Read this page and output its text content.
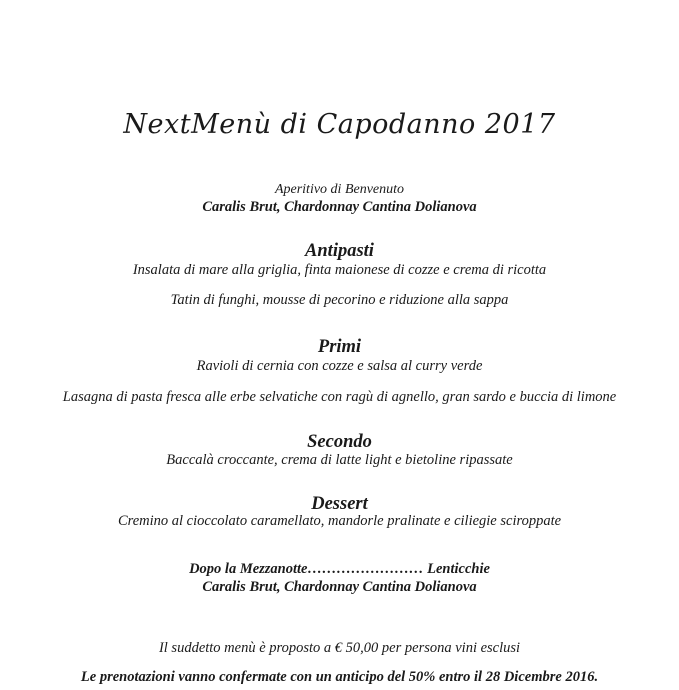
NextMenù di Capodanno 2017
Aperitivo di Benvenuto
Caralis Brut, Chardonnay Cantina Dolianova
Antipasti
Insalata di mare alla griglia, finta maionese di cozze e crema di ricotta
Tatin di funghi, mousse di pecorino e riduzione alla sappa
Primi
Ravioli di cernia con cozze e salsa al curry verde
Lasagna di pasta fresca alle erbe selvatiche con ragù di agnello, gran sardo e buccia di limone
Secondo
Baccalà croccante, crema di latte light e bietoline ripassate
Dessert
Cremino al cioccolato caramellato, mandorle pralinate e ciliegie sciroppate
Dopo la Mezzanotte…………………… Lenticchie
Caralis Brut, Chardonnay Cantina Dolianova
Il suddetto menù è proposto a € 50,00 per persona vini esclusi
Le prenotazioni vanno confermate con un anticipo del 50% entro il 28 Dicembre 2016.
